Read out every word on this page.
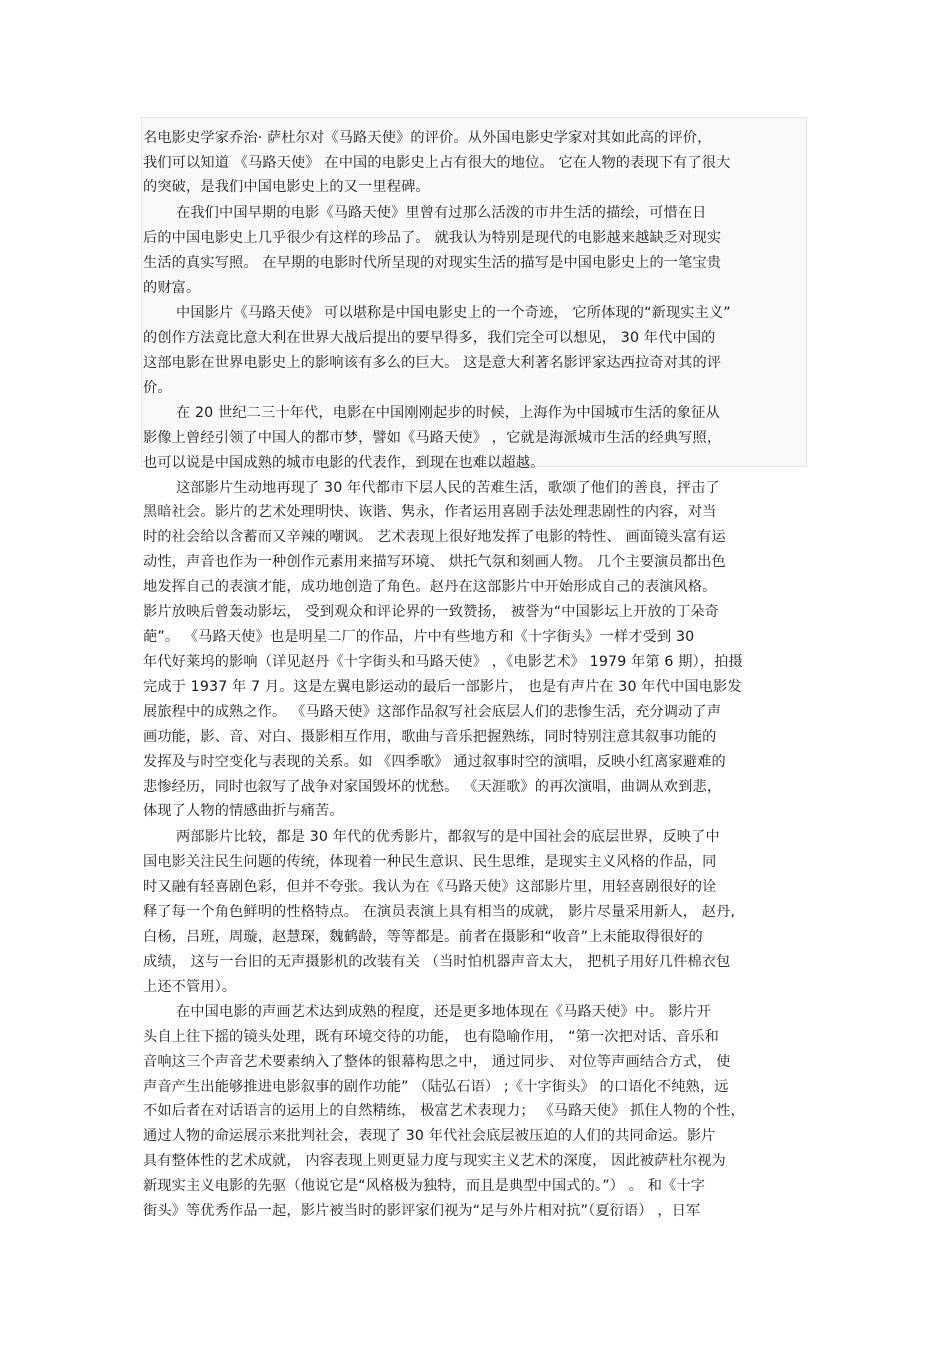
名电影史学家乔治· 萨杜尔对《马路天使》的评价。从外国电影史学家对其如此高的评价，
我们可以知道 《马路天使》 在中国的电影史上占有很大的地位。 它在人物的表现下有了很大
的突破，是我们中国电影史上的又一里程碑。
在我们中国早期的电影《马路天使》里曾有过那么活泼的市井生活的描绘，可惜在日
后的中国电影史上几乎很少有这样的珍品了。 就我认为特别是现代的电影越来越缺乏对现实
生活的真实写照。 在早期的电影时代所呈现的对现实生活的描写是中国电影史上的一笔宝贵
的财富。
中国影片《马路天使》 可以堪称是中国电影史上的一个奇迹， 它所体现的“新现实主义”
的创作方法竟比意大利在世界大战后提出的要早得多，我们完全可以想见， 30 年代中国的
这部电影在世界电影史上的影响该有多么的巨大。 这是意大利著名影评家达西拉奇对其的评
价。
在 20 世纪二三十年代，电影在中国刚刚起步的时候，上海作为中国城市生活的象征从
影像上曾经引领了中国人的都市梦，譬如《马路天使》 ，它就是海派城市生活的经典写照，
也可以说是中国成熟的城市电影的代表作，到现在也难以超越。
这部影片生动地再现了 30 年代都市下层人民的苦难生活，歌颂了他们的善良，抨击了
黑暗社会。影片的艺术处理明快、诙谐、隽永，作者运用喜剧手法处理悲剧性的内容，对当
时的社会给以含蓄而又辛辣的嘲讽。 艺术表现上很好地发挥了电影的特性、 画面镜头富有运
动性，声音也作为一种创作元素用来描写环境、 烘托气氛和刻画人物。 几个主要演员都出色
地发挥自己的表演才能，成功地创造了角色。赵丹在这部影片中开始形成自己的表演风格。
影片放映后曾轰动影坛， 受到观众和评论界的一致赞扬， 被誉为“中国影坛上开放的丁朵奇
葩”。 《马路天使》也是明星二厂的作品，片中有些地方和《十字街头》一样才受到 30
年代好莱坞的影响（详见赵丹《十字街头和马路天使》 ，《电影艺术》 1979 年第 6 期），拍摄
完成于 1937 年 7 月。这是左翼电影运动的最后一部影片， 也是有声片在 30 年代中国电影发
展旅程中的成熟之作。 《马路天使》这部作品叙写社会底层人们的悲惨生活，充分调动了声
画功能，影、音、对白、摄影相互作用，歌曲与音乐把握熟练，同时特别注意其叙事功能的
发挥及与时空变化与表现的关系。如 《四季歌》 通过叙事时空的演唱，反映小红离家避难的
悲惨经历，同时也叙写了战争对家国毁坏的忧愁。 《天涯歌》的再次演唱，曲调从欢到悲，
体现了人物的情感曲折与痛苦。
两部影片比较，都是 30 年代的优秀影片，都叙写的是中国社会的底层世界，反映了中
国电影关注民生问题的传统，体现着一种民生意识、民生思维，是现实主义风格的作品，同
时又融有轻喜剧色彩，但并不夸张。我认为在《马路天使》这部影片里，用轻喜剧很好的诠
释了每一个角色鲜明的性格特点。 在演员表演上具有相当的成就， 影片尽量采用新人， 赵丹,
白杨，吕班，周璇，赵慧琛，魏鹤龄，等等都是。前者在摄影和“收音”上未能取得很好的
成绩， 这与一台旧的无声摄影机的改装有关 （当时怕机器声音太大， 把机子用好几件棉衣包
上还不管用）。
在中国电影的声画艺术达到成熟的程度，还是更多地体现在《马路天使》中。 影片开
头自上往下摇的镜头处理，既有环境交待的功能， 也有隐喻作用， “第一次把对话、音乐和
音响这三个声音艺术要素纳入了整体的银幕构思之中， 通过同步、 对位等声画结合方式， 使
声音产生出能够推进电影叙事的剧作功能” （陆弘石语） ;《十字街头》 的口语化不纯熟，远
不如后者在对话语言的运用上的自然精练， 极富艺术表现力； 《马路天使》 抓住人物的个性，
通过人物的命运展示来批判社会，表现了 30 年代社会底层被压迫的人们的共同命运。影片
具有整体性的艺术成就， 内容表现上则更显力度与现实主义艺术的深度， 因此被萨杜尔视为
新现实主义电影的先驱（他说它是“风格极为独特，而且是典型中国式的。”） 。 和《十字
街头》等优秀作品一起，影片被当时的影评家们视为“足与外片相对抗”（夏衍语） ，日军
